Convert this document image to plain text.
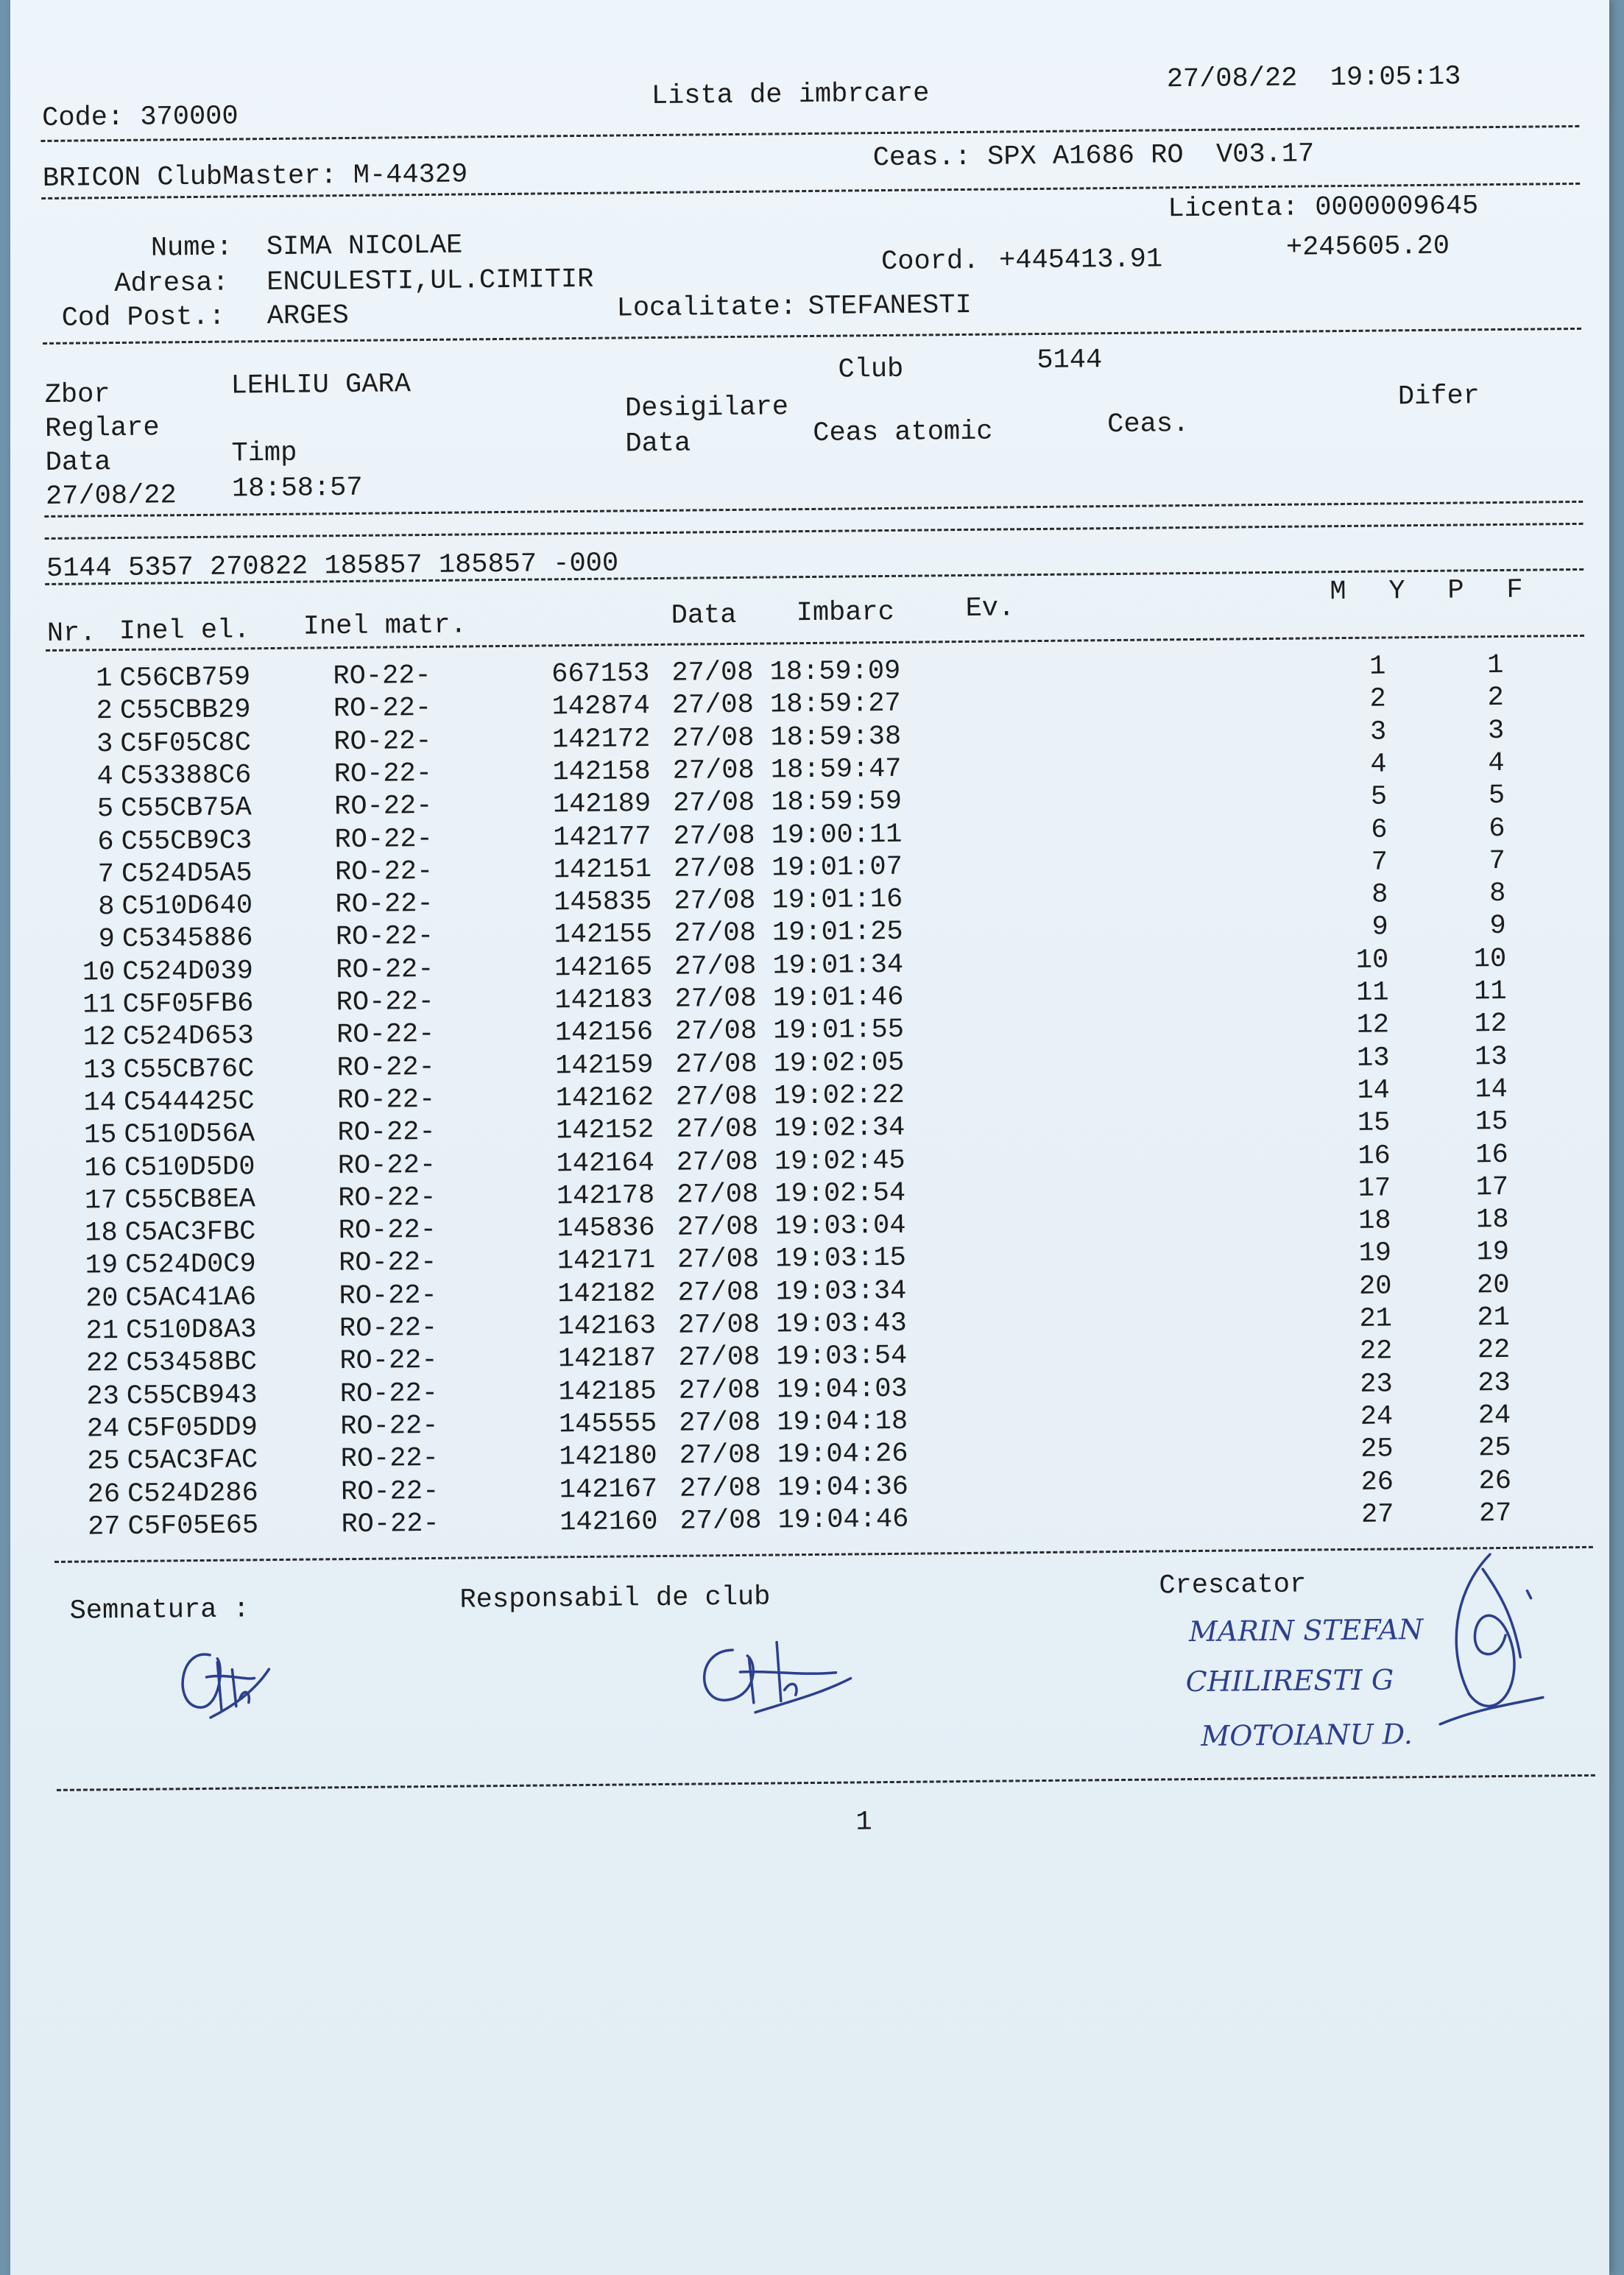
Code: 370000
Lista de imbrcare	27/08/22  19:05:13
BRICON ClubMaster: M-44329
Ceas.: SPX A1686 RO  V03.17
Licenta: 0000009645
Nume: SIMA NICOLAE
Adresa: ENCULESTI,UL.CIMITIR
Cod Post.: ARGES
Coord. +445413.91	+245605.20
Localitate: STEFANESTI
Zbor	LEHLIU GARA	Club	5144
Reglare
Desigilare	Difer
Data	Timp	Data	Ceas atomic	Ceas.
27/08/22 18:58:57
5144 5357 270822 185857 185857 -000
Nr. Inel el. Inel matr.	Data Imbarc	Ev.
M Y P F
1 C56CB759	RO-22-	667153 27/08 18:59:09	1	1
2 C55CBB29	RO-22-	142874 27/08 18:59:27	2	2
3 C5F05C8C	RO-22-	142172 27/08 18:59:38	3	3
4 C53388C6	RO-22-	142158 27/08 18:59:47	4	4
5 C55CB75A	RO-22-	142189 27/08 18:59:59	5	5
6 C55CB9C3	RO-22-	142177 27/08 19:00:11	6	6
7 C524D5A5	RO-22-	142151 27/08 19:01:07	7	7
8 C510D640	RO-22-	145835 27/08 19:01:16	8	8
9 C5345886	RO-22-	142155 27/08 19:01:25	9	9
10 C524D039	RO-22-	142165 27/08 19:01:34	10	10
11 C5F05FB6	RO-22-	142183 27/08 19:01:46	11	11
12 C524D653	RO-22-	142156 27/08 19:01:55	12	12
13 C55CB76C	RO-22-	142159 27/08 19:02:05	13	13
14 C544425C	RO-22-	142162 27/08 19:02:22	14	14
15 C510D56A	RO-22-	142152 27/08 19:02:34	15	15
16 C510D5D0	RO-22-	142164 27/08 19:02:45	16	16
17 C55CB8EA	RO-22-	142178 27/08 19:02:54	17	17
18 C5AC3FBC	RO-22-	145836 27/08 19:03:04	18	18
19 C524D0C9	RO-22-	142171 27/08 19:03:15	19	19
20 C5AC41A6	RO-22-	142182 27/08 19:03:34	20	20
21 C510D8A3	RO-22-	142163 27/08 19:03:43	21	21
22 C53458BC	RO-22-	142187 27/08 19:03:54	22	22
23 C55CB943	RO-22-	142185 27/08 19:04:03	23	23
24 C5F05DD9	RO-22-	145555 27/08 19:04:18	24	24
25 C5AC3FAC	RO-22-	142180 27/08 19:04:26	25	25
26 C524D286	RO-22-	142167 27/08 19:04:36	26	26
27 C5F05E65	RO-22-	142160 27/08 19:04:46	27	27
Semnatura :	Responsabil de club	Crescator
MARIN STEFAN
CHILIRESTI G
MOTOIANU D.
1
